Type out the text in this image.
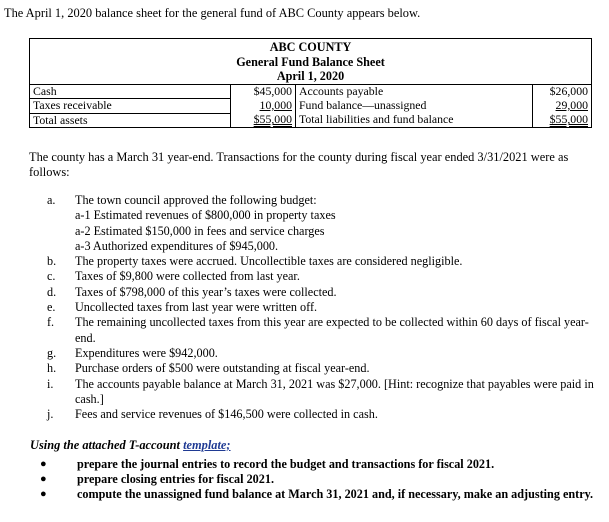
The April 1, 2020 balance sheet for the general fund of ABC County appears below.
ABC COUNTY
General Fund Balance Sheet
April 1, 2020
Cash	$45,000	Accounts payable	$26,000
Taxes receivable	10,000	Fund balance—unassigned	29,000
Total assets	$55,000	Total liabilities and fund balance	$55,000
The county has a March 31 year-end. Transactions for the county during fiscal year ended 3/31/2021 were as follows:
a. The town council approved the following budget:
a-1 Estimated revenues of $800,000 in property taxes
a-2 Estimated $150,000 in fees and service charges
a-3 Authorized expenditures of $945,000.
b. The property taxes were accrued. Uncollectible taxes are considered negligible.
c. Taxes of $9,800 were collected from last year.
d. Taxes of $798,000 of this year’s taxes were collected.
e. Uncollected taxes from last year were written off.
f. The remaining uncollected taxes from this year are expected to be collected within 60 days of fiscal year-end.
g. Expenditures were $942,000.
h. Purchase orders of $500 were outstanding at fiscal year-end.
i. The accounts payable balance at March 31, 2021 was $27,000. [Hint: recognize that payables were paid in cash.]
j. Fees and service revenues of $146,500 were collected in cash.
Using the attached T-account template;
● prepare the journal entries to record the budget and transactions for fiscal 2021.
● prepare closing entries for fiscal 2021.
● compute the unassigned fund balance at March 31, 2021 and, if necessary, make an adjusting entry.
